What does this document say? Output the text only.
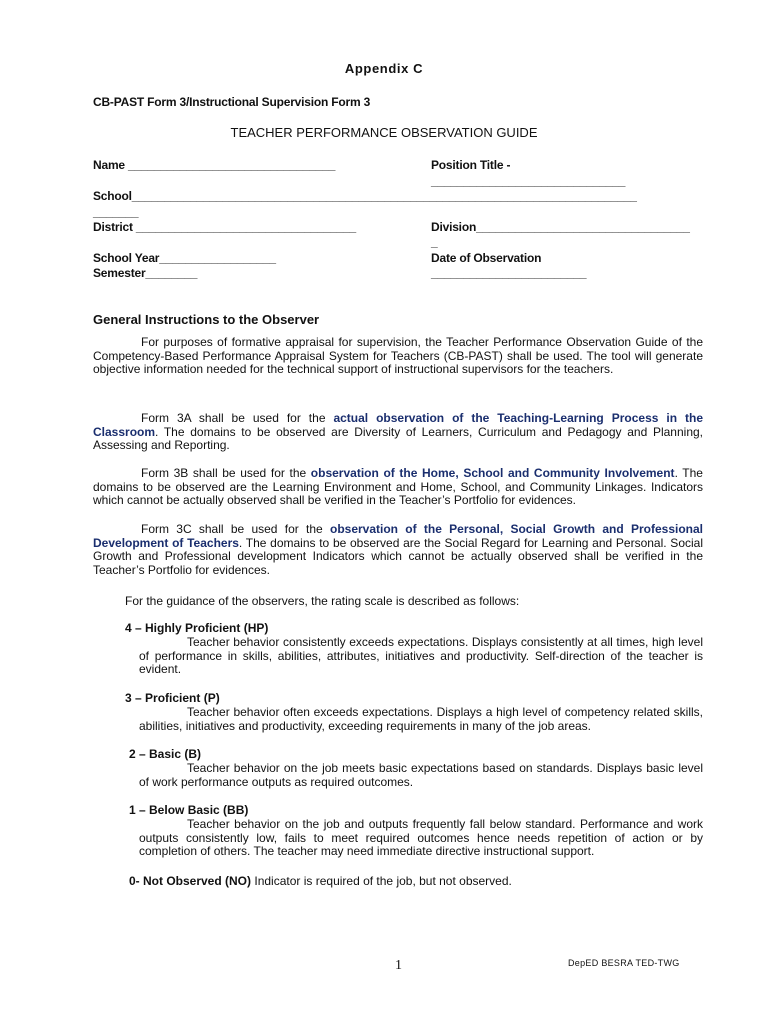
Appendix C
CB-PAST Form 3/Instructional Supervision Form 3
TEACHER PERFORMANCE OBSERVATION GUIDE
Name ________________________________	Position Title -
______________________________
School______________________________________________________________________________
_______
District __________________________________	Division_________________________________
_
School Year__________________	Date of Observation
Semester________	________________________
General Instructions to the Observer
For purposes of formative appraisal for supervision, the Teacher Performance Observation Guide of the Competency-Based Performance Appraisal System for Teachers (CB-PAST) shall be used. The tool will generate objective information needed for the technical support of instructional supervisors for the teachers.
Form 3A shall be used for the actual observation of the Teaching-Learning Process in the Classroom. The domains to be observed are Diversity of Learners, Curriculum and Pedagogy and Planning, Assessing and Reporting.
Form 3B shall be used for the observation of the Home, School and Community Involvement. The domains to be observed are the Learning Environment and Home, School, and Community Linkages. Indicators which cannot be actually observed shall be verified in the Teacher’s Portfolio for evidences.
Form 3C shall be used for the observation of the Personal, Social Growth and Professional Development of Teachers. The domains to be observed are the Social Regard for Learning and Personal. Social Growth and Professional development Indicators which cannot be actually observed shall be verified in the Teacher’s Portfolio for evidences.
For the guidance of the observers, the rating scale is described as follows:
4 – Highly Proficient (HP)
Teacher behavior consistently exceeds expectations. Displays consistently at all times, high level of performance in skills, abilities, attributes, initiatives and productivity. Self-direction of the teacher is evident.
3 – Proficient (P)
Teacher behavior often exceeds expectations. Displays a high level of competency related skills, abilities, initiatives and productivity, exceeding requirements in many of the job areas.
2 – Basic (B)
Teacher behavior on the job meets basic expectations based on standards. Displays basic level of work performance outputs as required outcomes.
1 – Below Basic (BB)
Teacher behavior on the job and outputs frequently fall below standard. Performance and work outputs consistently low, fails to meet required outcomes hence needs repetition of action or by completion of others. The teacher may need immediate directive instructional support.
0- Not Observed (NO) Indicator is required of the job, but not observed.
1	DepED BESRA TED-TWG
